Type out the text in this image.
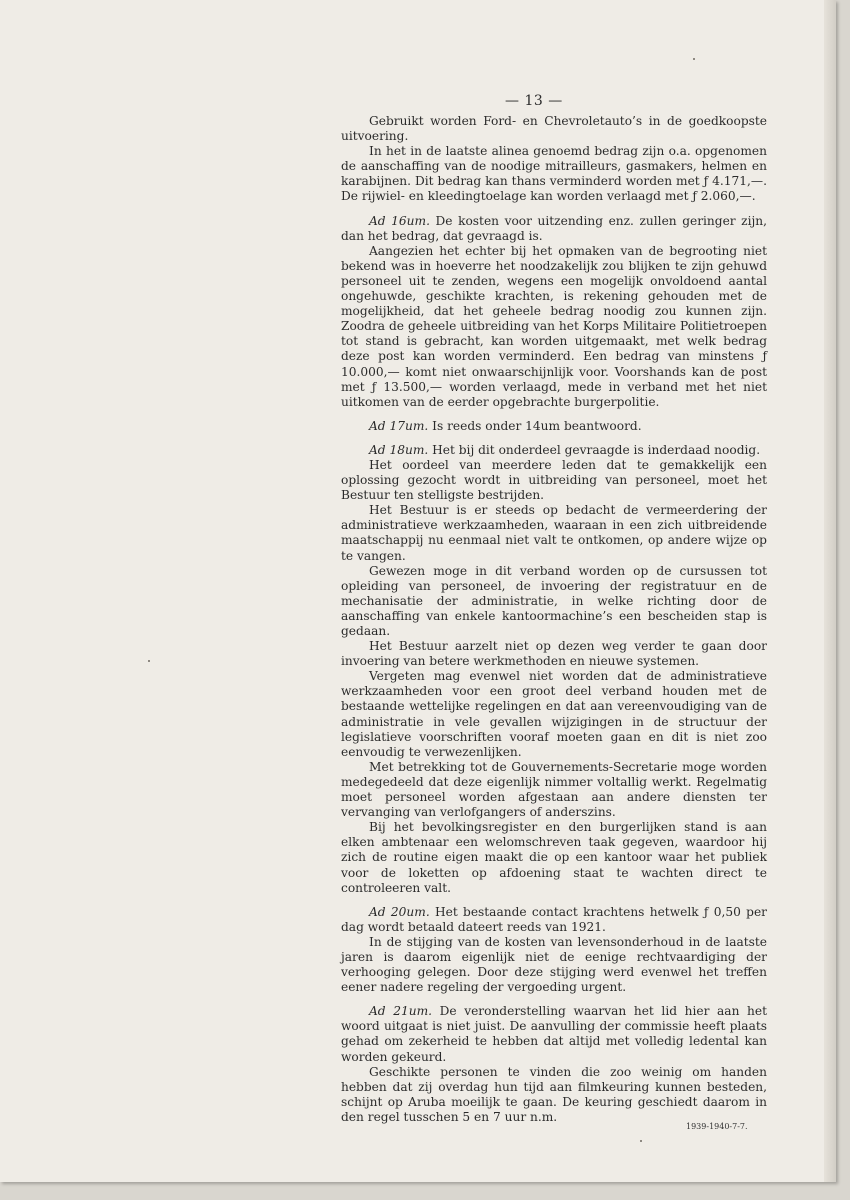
— 13 —

Gebruikt worden Ford- en Chevroletauto’s in de goedkoopste uitvoering.

In het in de laatste alinea genoemd bedrag zijn o.a. opgenomen de aanschaffing van de noodige mitrailleurs, gasmakers, helmen en karabijnen. Dit bedrag kan thans verminderd worden met ƒ 4.171,—. De rijwiel- en kleedingtoelage kan worden verlaagd met ƒ 2.060,—.

Ad 16um. De kosten voor uitzending enz. zullen geringer zijn, dan het bedrag, dat gevraagd is.

Aangezien het echter bij het opmaken van de begrooting niet bekend was in hoeverre het noodzakelijk zou blijken te zijn gehuwd personeel uit te zenden, wegens een mogelijk onvoldoend aantal ongehuwde, geschikte krachten, is rekening gehouden met de mogelijkheid, dat het geheele bedrag noodig zou kunnen zijn. Zoodra de geheele uitbreiding van het Korps Militaire Politietroepen tot stand is gebracht, kan worden uitgemaakt, met welk bedrag deze post kan worden verminderd. Een bedrag van minstens ƒ 10.000,— komt niet onwaarschijnlijk voor. Voorshands kan de post met ƒ 13.500,— worden verlaagd, mede in verband met het niet uitkomen van de eerder opgebrachte burgerpolitie.

Ad 17um. Is reeds onder 14um beantwoord.

Ad 18um. Het bij dit onderdeel gevraagde is inderdaad noodig.

Het oordeel van meerdere leden dat te gemakkelijk een oplossing gezocht wordt in uitbreiding van personeel, moet het Bestuur ten stelligste bestrijden.

Het Bestuur is er steeds op bedacht de vermeerdering der administratieve werkzaamheden, waaraan in een zich uitbreidende maatschappij nu eenmaal niet valt te ontkomen, op andere wijze op te vangen.

Gewezen moge in dit verband worden op de cursussen tot opleiding van personeel, de invoering der registratuur en de mechanisatie der administratie, in welke richting door de aanschaffing van enkele kantoormachine’s een bescheiden stap is gedaan.

Het Bestuur aarzelt niet op dezen weg verder te gaan door invoering van betere werkmethoden en nieuwe systemen.

Vergeten mag evenwel niet worden dat de administratieve werkzaamheden voor een groot deel verband houden met de bestaande wettelijke regelingen en dat aan vereenvoudiging van de administratie in vele gevallen wijzigingen in de structuur der legislatieve voorschriften vooraf moeten gaan en dit is niet zoo eenvoudig te verwezenlijken.

Met betrekking tot de Gouvernements-Secretarie moge worden medegedeeld dat deze eigenlijk nimmer voltallig werkt. Regelmatig moet personeel worden afgestaan aan andere diensten ter vervanging van verlofgangers of anderszins.

Bij het bevolkingsregister en den burgerlijken stand is aan elken ambtenaar een welomschreven taak gegeven, waardoor hij zich de routine eigen maakt die op een kantoor waar het publiek voor de loketten op afdoening staat te wachten direct te controleeren valt.

Ad 20um. Het bestaande contact krachtens hetwelk ƒ 0,50 per dag wordt betaald dateert reeds van 1921.

In de stijging van de kosten van levensonderhoud in de laatste jaren is daarom eigenlijk niet de eenige rechtvaardiging der verhooging gelegen. Door deze stijging werd evenwel het treffen eener nadere regeling der vergoeding urgent.

Ad 21um. De veronderstelling waarvan het lid hier aan het woord uitgaat is niet juist. De aanvulling der commissie heeft plaats gehad om zekerheid te hebben dat altijd met volledig ledental kan worden gekeurd.

Geschikte personen te vinden die zoo weinig om handen hebben dat zij overdag hun tijd aan filmkeuring kunnen besteden, schijnt op Aruba moeilijk te gaan. De keuring geschiedt daarom in den regel tusschen 5 en 7 uur n.m.

1939-1940-7-7.
